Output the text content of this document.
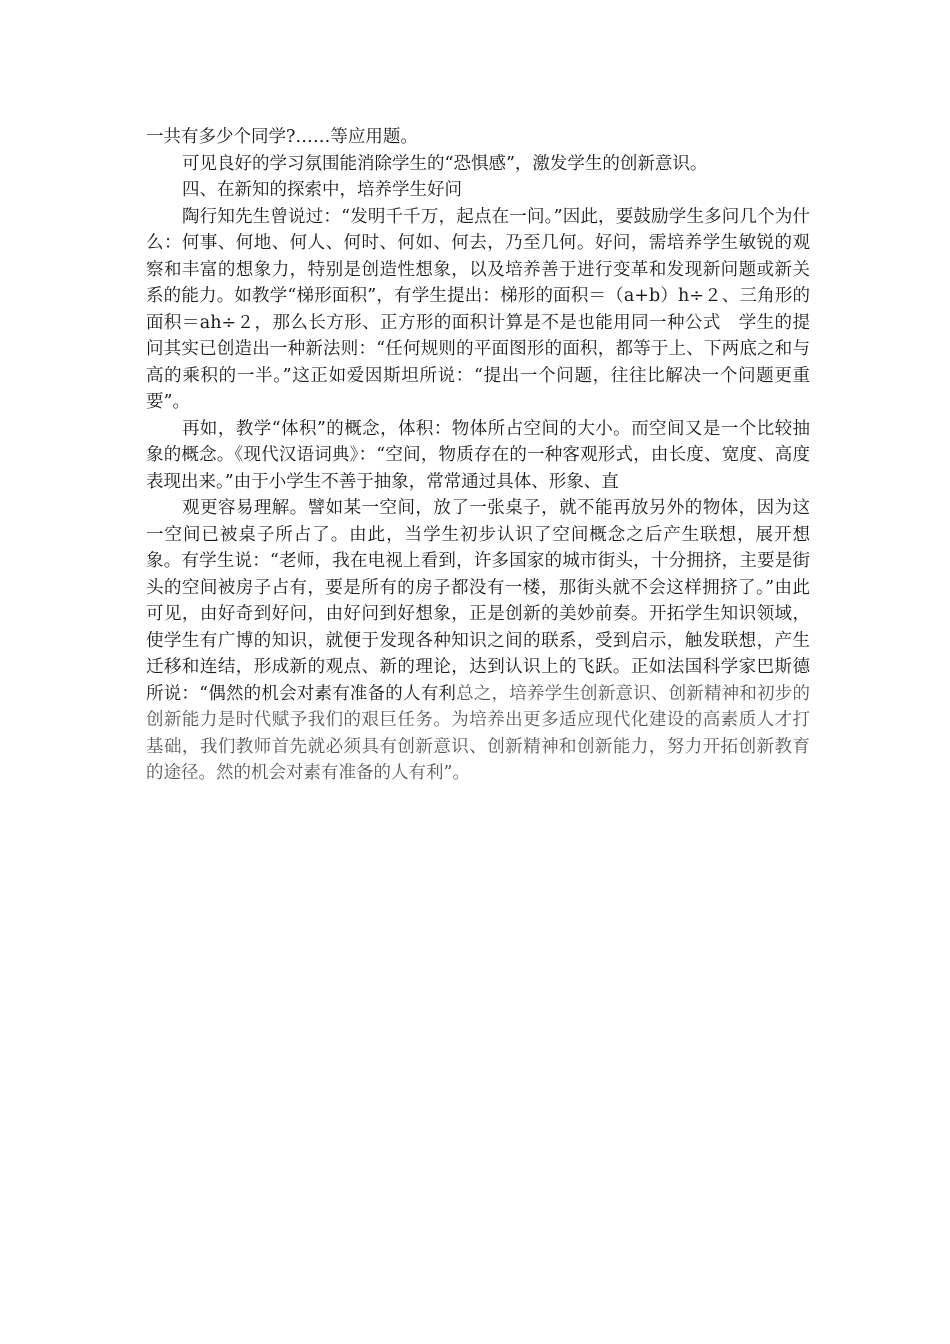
一共有多少个同学?……等应用题。

可见良好的学习氛围能消除学生的“恐惧感”，激发学生的创新意识。

四、在新知的探索中，培养学生好问

陶行知先生曾说过：“发明千千万，起点在一问。”因此，要鼓励学生多问几个为什么：何事、何地、何人、何时、何如、何去，乃至几何。好问，需培养学生敏锐的观察和丰富的想象力，特别是创造性想象，以及培养善于进行变革和发现新问题或新关系的能力。如教学“梯形面积”，有学生提出：梯形的面积＝（a+b）h÷２、三角形的面积＝ah÷２，那么长方形、正方形的面积计算是不是也能用同一种公式　学生的提问其实已创造出一种新法则：“任何规则的平面图形的面积，都等于上、下两底之和与高的乘积的一半。”这正如爱因斯坦所说：“提出一个问题，往往比解决一个问题更重要”。

再如，教学“体积”的概念，体积：物体所占空间的大小。而空间又是一个比较抽象的概念。《现代汉语词典》：“空间，物质存在的一种客观形式，由长度、宽度、高度表现出来。”由于小学生不善于抽象，常常通过具体、形象、直

观更容易理解。譬如某一空间，放了一张桌子，就不能再放另外的物体，因为这一空间已被桌子所占了。由此，当学生初步认识了空间概念之后产生联想，展开想象。有学生说：“老师，我在电视上看到，许多国家的城市街头，十分拥挤，主要是街头的空间被房子占有，要是所有的房子都没有一楼，那街头就不会这样拥挤了。”由此可见，由好奇到好问，由好问到好想象，正是创新的美妙前奏。开拓学生知识领域，使学生有广博的知识，就便于发现各种知识之间的联系，受到启示，触发联想，产生迁移和连结，形成新的观点、新的理论，达到认识上的飞跃。正如法国科学家巴斯德所说：“偶然的机会对素有准备的人有利总之，培养学生创新意识、创新精神和初步的创新能力是时代赋予我们的艰巨任务。为培养出更多适应现代化建设的高素质人才打基础，我们教师首先就必须具有创新意识、创新精神和创新能力，努力开拓创新教育的途径。然的机会对素有准备的人有利”。
